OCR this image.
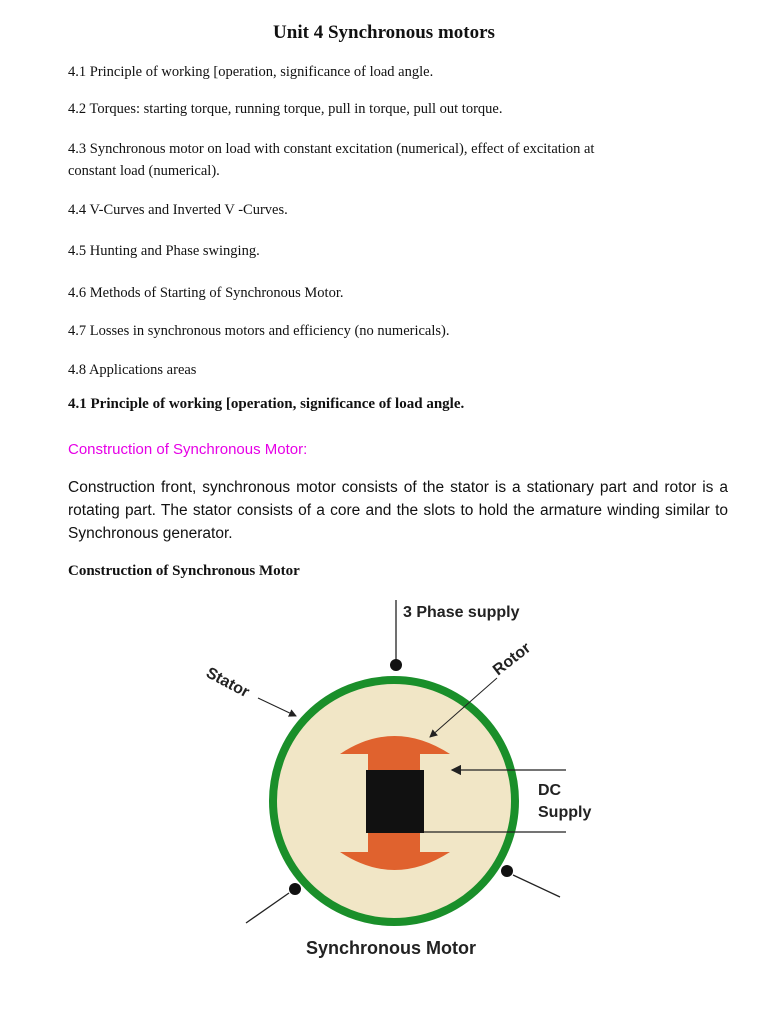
Unit 4 Synchronous motors
4.1 Principle of working [operation, significance of load angle.
4.2 Torques: starting torque, running torque, pull in torque, pull out torque.
4.3 Synchronous motor on load with constant excitation (numerical), effect of excitation at
constant load (numerical).
4.4 V-Curves and Inverted V -Curves.
4.5 Hunting and Phase swinging.
4.6 Methods of Starting of Synchronous Motor.
4.7 Losses in synchronous motors and efficiency (no numericals).
4.8 Applications areas
4.1 Principle of working [operation, significance of load angle.
Construction of Synchronous Motor:
Construction front, synchronous motor consists of the stator is a stationary part and rotor is a rotating part. The stator consists of a core and the slots to hold the armature winding similar to Synchronous generator.
Construction of Synchronous Motor
3 Phase supply
Stator
Rotor
DC
Supply
Synchronous Motor
